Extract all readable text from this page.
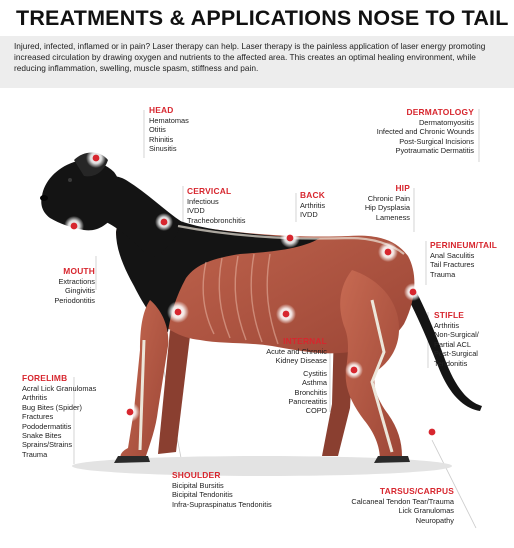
TREATMENTS & APPLICATIONS NOSE TO TAIL

Injured, infected, inflamed or in pain? Laser therapy can help. Laser therapy is the painless application of laser energy promoting increased circulation by drawing oxygen and nutrients to the affected area. This creates an optimal healing environment, while reducing inflammation, swelling, muscle spasm, stiffness and pain.

HEAD
Hematomas
Otitis
Rhinitis
Sinusitis
DERMATOLOGY
Dermatomyositis
Infected and Chronic Wounds
Post-Surgical Incisions
Pyotraumatic Dermatitis
CERVICAL
Infectious
IVDD
Tracheobronchitis
BACK
Arthritis
IVDD
HIP
Chronic Pain
Hip Dysplasia
Lameness
PERINEUM/TAIL
Anal Saculitis
Tail Fractures
Trauma
MOUTH
Extractions
Gingivitis
Periodontitis
STIFLE
Arthritis
Non-Surgical/
Partial ACL
Post-Surgical
Tendonitis
INTERNAL
Acute and Chronic
Kidney Disease
Cystitis
Asthma
Bronchitis
Pancreatitis
COPD
FORELIMB
Acral Lick Granulomas
Arthritis
Bug Bites (Spider)
Fractures
Pododermatitis
Snake Bites
Sprains/Strains
Trauma
SHOULDER
Bicipital Bursitis
Bicipital Tendonitis
Infra-Supraspinatus Tendonitis
TARSUS/CARPUS
Calcaneal Tendon Tear/Trauma
Lick Granulomas
Neuropathy
